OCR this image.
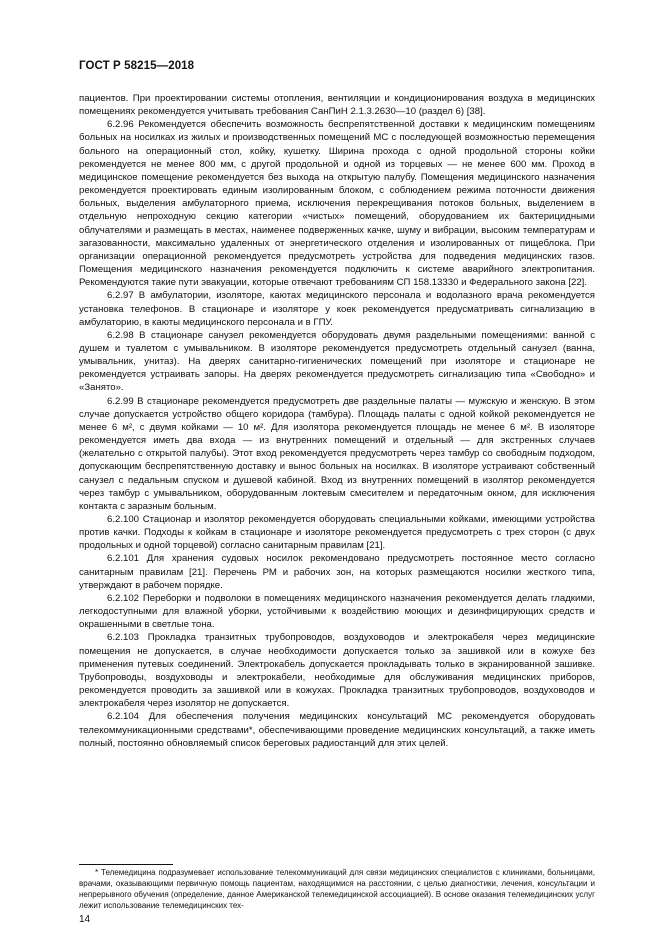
ГОСТ Р 58215—2018

пациентов. При проектировании системы отопления, вентиляции и кондиционирования воздуха в медицинских помещениях рекомендуется учитывать требования СанПиН 2.1.3.2630—10 (раздел 6) [38].

6.2.96 Рекомендуется обеспечить возможность беспрепятственной доставки к медицинским помещениям больных на носилках из жилых и производственных помещений МС с последующей возможностью перемещения больного на операционный стол, койку, кушетку. Ширина прохода с одной продольной стороны койки рекомендуется не менее 800 мм, с другой продольной и одной из торцевых — не менее 600 мм. Проход в медицинское помещение рекомендуется без выхода на открытую палубу. Помещения медицинского назначения рекомендуется проектировать единым изолированным блоком, с соблюдением режима поточности движения больных, выделения амбулаторного приема, исключения перекрещивания потоков больных, выделением в отдельную непроходную секцию категории «чистых» помещений, оборудованием их бактерицидными облучателями и размещать в местах, наименее подверженных качке, шуму и вибрации, высоким температурам и загазованности, максимально удаленных от энергетического отделения и изолированных от пищеблока. При организации операционной рекомендуется предусмотреть устройства для подведения медицинских газов. Помещения медицинского назначения рекомендуется подключить к системе аварийного электропитания. Рекомендуются такие пути эвакуации, которые отвечают требованиям СП 158.13330 и Федерального закона [22].

6.2.97 В амбулатории, изоляторе, каютах медицинского персонала и водолазного врача рекомендуется установка телефонов. В стационаре и изоляторе у коек рекомендуется предусматривать сигнализацию в амбулаторию, в каюты медицинского персонала и в ГПУ.

6.2.98 В стационаре санузел рекомендуется оборудовать двумя раздельными помещениями: ванной с душем и туалетом с умывальником. В изоляторе рекомендуется предусмотреть отдельный санузел (ванна, умывальник, унитаз). На дверях санитарно-гигиенических помещений при изоляторе и стационаре не рекомендуется устраивать запоры. На дверях рекомендуется предусмотреть сигнализацию типа «Свободно» и «Занято».

6.2.99 В стационаре рекомендуется предусмотреть две раздельные палаты — мужскую и женскую. В этом случае допускается устройство общего коридора (тамбура). Площадь палаты с одной койкой рекомендуется не менее 6 м², с двумя койками — 10 м². Для изолятора рекомендуется площадь не менее 6 м². В изоляторе рекомендуется иметь два входа — из внутренних помещений и отдельный — для экстренных случаев (желательно с открытой палубы). Этот вход рекомендуется предусмотреть через тамбур со свободным подходом, допускающим беспрепятственную доставку и вынос больных на носилках. В изоляторе устраивают собственный санузел с педальным спуском и душевой кабиной. Вход из внутренних помещений в изолятор рекомендуется через тамбур с умывальником, оборудованным локтевым смесителем и передаточным окном, для исключения контакта с заразным больным.

6.2.100 Стационар и изолятор рекомендуется оборудовать специальными койками, имеющими устройства против качки. Подходы к койкам в стационаре и изоляторе рекомендуется предусмотреть с трех сторон (с двух продольных и одной торцевой) согласно санитарным правилам [21].

6.2.101 Для хранения судовых носилок рекомендовано предусмотреть постоянное место согласно санитарным правилам [21]. Перечень РМ и рабочих зон, на которых размещаются носилки жесткого типа, утверждают в рабочем порядке.

6.2.102 Переборки и подволоки в помещениях медицинского назначения рекомендуется делать гладкими, легкодоступными для влажной уборки, устойчивыми к воздействию моющих и дезинфицирующих средств и окрашенными в светлые тона.

6.2.103 Прокладка транзитных трубопроводов, воздуховодов и электрокабеля через медицинские помещения не допускается, в случае необходимости допускается только за зашивкой или в кожухе без применения путевых соединений. Электрокабель допускается прокладывать только в экранированной зашивке. Трубопроводы, воздуховоды и электрокабели, необходимые для обслуживания медицинских приборов, рекомендуется проводить за зашивкой или в кожухах. Прокладка транзитных трубопроводов, воздуховодов и электрокабеля через изолятор не допускается.

6.2.104 Для обеспечения получения медицинских консультаций МС рекомендуется оборудовать телекоммуникационными средствами*, обеспечивающими проведение медицинских консультаций, а также иметь полный, постоянно обновляемый список береговых радиостанций для этих целей.

* Телемедицина подразумевает использование телекоммуникаций для связи медицинских специалистов с клиниками, больницами, врачами, оказывающими первичную помощь пациентам, находящимися на расстоянии, с целью диагностики, лечения, консультации и непрерывного обучения (определение, данное Американской телемедицинской ассоциацией). В основе оказания телемедицинских услуг лежит использование телемедицинских тех-

14
